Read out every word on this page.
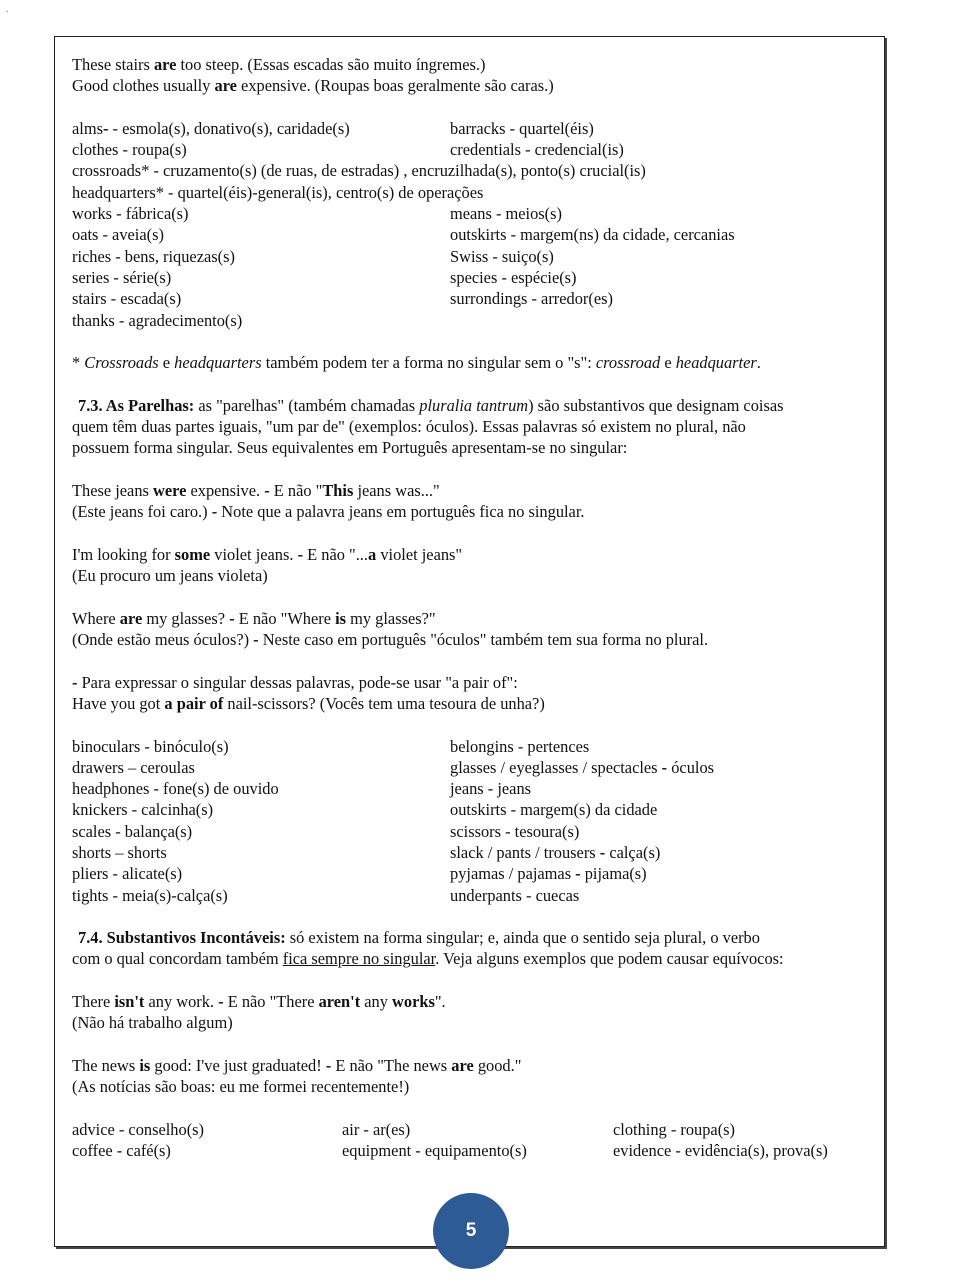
.
These stairs are too steep. (Essas escadas são muito íngremes.)
Good clothes usually are expensive. (Roupas boas geralmente são caras.)
alms- - esmola(s), donativo(s), caridade(s)	barracks - quartel(éis)
clothes - roupa(s)	credentials - credencial(is)
crossroads* - cruzamento(s) (de ruas, de estradas) , encruzilhada(s), ponto(s) crucial(is)
headquarters* - quartel(éis)-general(is), centro(s) de operações
works - fábrica(s)	means - meios(s)
oats - aveia(s)	outskirts - margem(ns) da cidade, cercanias
riches - bens, riquezas(s)	Swiss - suiço(s)
series - série(s)	species - espécie(s)
stairs - escada(s)	surrondings - arredor(es)
thanks - agradecimento(s)
* Crossroads e headquarters também podem ter a forma no singular sem o "s": crossroad e headquarter.
7.3. As Parelhas: as "parelhas" (também chamadas pluralia tantrum) são substantivos que designam coisas
quem têm duas partes iguais, "um par de" (exemplos: óculos). Essas palavras só existem no plural, não
possuem forma singular. Seus equivalentes em Português apresentam-se no singular:
These jeans were expensive. - E não "This jeans was..."
(Este jeans foi caro.) - Note que a palavra jeans em português fica no singular.
I'm looking for some violet jeans. - E não "...a violet jeans"
(Eu procuro um jeans violeta)
Where are my glasses? - E não "Where is my glasses?"
(Onde estão meus óculos?) - Neste caso em português "óculos" também tem sua forma no plural.
- Para expressar o singular dessas palavras, pode-se usar "a pair of":
Have you got a pair of nail-scissors? (Vocês tem uma tesoura de unha?)
binoculars - binóculo(s)	belongins - pertences
drawers – ceroulas	glasses / eyeglasses / spectacles - óculos
headphones - fone(s) de ouvido	jeans - jeans
knickers - calcinha(s)	outskirts - margem(s) da cidade
scales - balança(s)	scissors - tesoura(s)
shorts – shorts	slack / pants / trousers - calça(s)
pliers - alicate(s)	pyjamas / pajamas - pijama(s)
tights - meia(s)-calça(s)	underpants - cuecas
7.4. Substantivos Incontáveis: só existem na forma singular; e, ainda que o sentido seja plural, o verbo
com o qual concordam também fica sempre no singular. Veja alguns exemplos que podem causar equívocos:
There isn't any work. - E não "There aren't any works".
(Não há trabalho algum)
The news is good: I've just graduated! - E não "The news are good."
(As notícias são boas: eu me formei recentemente!)
advice - conselho(s)	air - ar(es)	clothing - roupa(s)
coffee - café(s)	equipment - equipamento(s)	evidence - evidência(s), prova(s)
5
